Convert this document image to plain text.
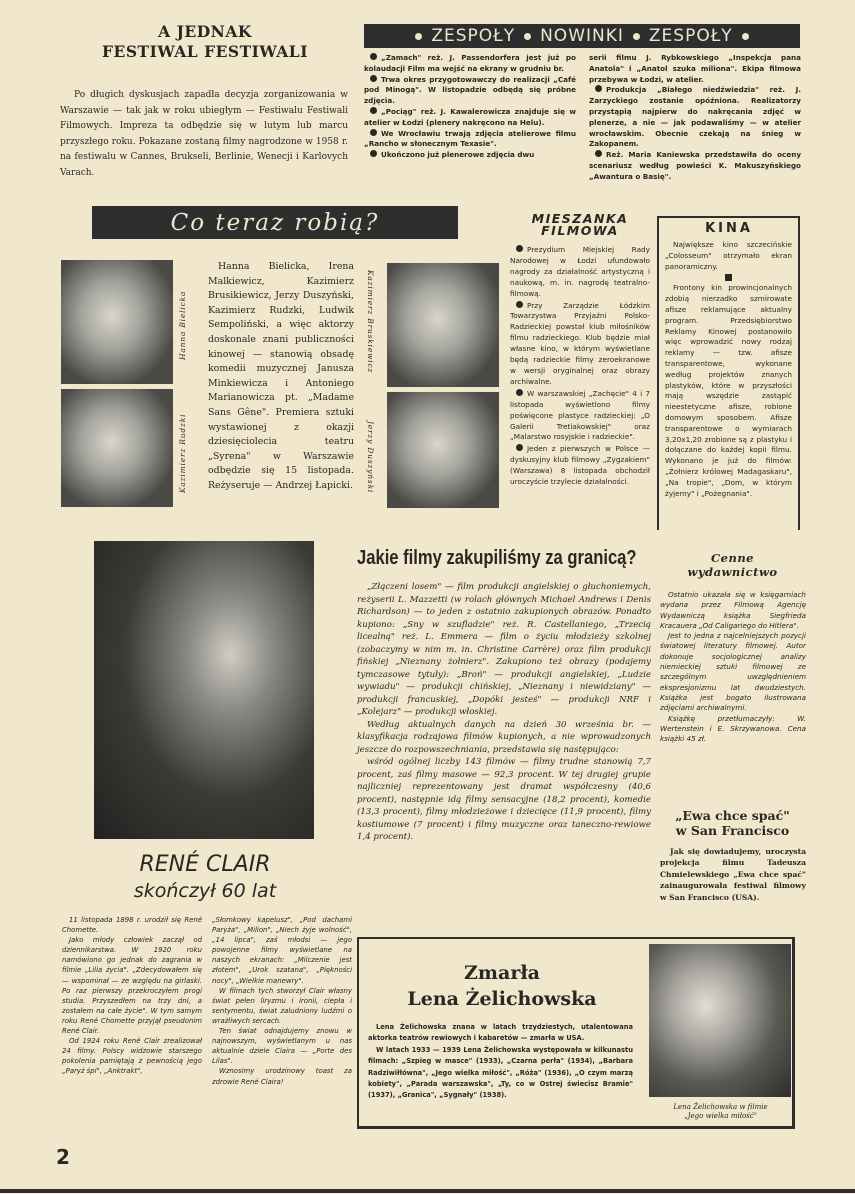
A JEDNAK
FESTIWAL FESTIWALI

Po długich dyskusjach zapadła decyzja zorganizowania w Warszawie — tak jak w roku ubiegłym — Festiwalu Festiwali Filmowych. Impreza ta odbędzie się w lutym lub marcu przyszłego roku. Pokazane zostaną filmy nagrodzone w 1958 r. na festiwalu w Cannes, Brukseli, Berlinie, Wenecji i Karlovych Varach.

ZESPOŁY NOWINKI ZESPOŁY

„Zamach" reż. J. Passendorfera jest już po kolaudacji Film ma wejść na ekrany w grudniu br.

Trwa okres przygotowawczy do realizacji „Café pod Minogą". W listopadzie odbędą się próbne zdjęcia.

„Pociąg" reż. J. Kawalerowicza znajduje się w atelier w Łodzi (plenery nakręcono na Helu).

We Wrocławiu trwają zdjęcia atelierowe filmu „Rancho w słonecznym Texasie".

Ukończono już plenerowe zdjęcia dwu

serii filmu J. Rybkowskiego „Inspekcja pana Anatola" i „Anatol szuka miliona". Ekipa filmowa przebywa w Łodzi, w atelier.

Produkcja „Białego niedźwiedzia" reż. J. Zarzyckiego zostanie opóźniona. Realizatorzy przystąpią najpierw do nakręcania zdjęć w plenerze, a nie — jak podawaliśmy — w atelier wrocławskim. Obecnie czekają na śnieg w Zakopanem.

Reż. Maria Kaniewska przedstawiła do oceny scenariusz według powieści K. Makuszyńskiego „Awantura o Basię".

Co teraz robią?
Hanna Bielicka
Kazimierz Rudzki

Hanna Bielicka, Irena Malkiewicz, Kazimierz Brusikiewicz, Jerzy Duszyński, Kazimierz Rudzki, Ludwik Sempoliński, a więc aktorzy doskonale znani publiczności kinowej — stanowią obsadę komedii muzycznej Janusza Minkiewicza i Antoniego Marianowicza pt. „Madame Sans Gêne". Premiera sztuki wystawionej z okazji dziesięciolecia teatru „Syrena" w Warszawie odbędzie się 15 listopada. Reżyseruje — Andrzej Łapicki.

Kazimierz Bruskiewicz
Jerzy Duszyński
MIESZANKA
FILMOWA

Prezydium Miejskiej Rady Narodowej w Łodzi ufundowało nagrody za działalność artystyczną i naukową, m. in. nagrodę teatralno-filmową.

Przy Zarządzie Łódzkim Towarzystwa Przyjaźni Polsko-Radzieckiej powstał klub miłośników filmu radzieckiego. Klub będzie miał własne kino, w którym wyświetlane będą radzieckie filmy zeroekranowe w wersji oryginalnej oraz obrazy archiwalne.

W warszawskiej „Zachęcie" 4 i 7 listopada wyświetlono filmy poświęcone plastyce radzieckiej: „O Galerii Tretiakowskiej" oraz „Malarstwo rosyjskie i radzieckie".

Jeden z pierwszych w Polsce — dyskusyjny klub filmowy „Zygzakiem" (Warszawa) 8 listopada obchodził uroczyście trzylecie działalności.

KINA

Największe kino szczecińskie „Colosseum" otrzymało ekran panoramiczny.

Frontony kin prowincjonalnych zdobią nierzadko szmirowate afisze reklamujące aktualny program. Przedsiębiorstwo Reklamy Kinowej postanowiło więc wprowadzić nowy rodzaj reklamy — tzw. afisze transparentowe, wykonane według projektów znanych plastyków, które w przyszłości mają wszędzie zastąpić nieestetyczne afisze, robione domowym sposobem. Afisze transparentowe o wymiarach 3,20x1,20 zrobione są z plastyku i dołączane do każdej kopii filmu. Wykonano je już do filmów: „Żołnierz królowej Madagaskaru", „Na tropie", „Dom, w którym żyjemy" i „Pożegnania".

Jakie filmy zakupiliśmy za granicą?

„Złączeni losem" — film produkcji angielskiej o głuchoniemych, reżyserii L. Mazzetti (w rolach głównych Michael Andrews i Denis Richardson) — to jeden z ostatnio zakupionych obrazów. Ponadto kupiono: „Sny w szufladzie" reż. R. Castellaniego, „Trzecią licealną" reż. L. Emmera — film o życiu młodzieży szkolnej (zobaczymy w nim m. in. Christine Carrère) oraz film produkcji fińskiej „Nieznany żołnierz". Zakupiono też obrazy (podajemy tymczasowe tytuły): „Broń" — produkcji angielskiej, „Ludzie wywiadu" — produkcji chińskiej, „Nieznany i niewidziany" — produkcji francuskiej, „Dopóki jesteś" — produkcji NRF i „Kolejarz" — produkcji włoskiej.

Według aktualnych danych na dzień 30 września br. — klasyfikacja rodzajowa filmów kupionych, a nie wprowadzonych jeszcze do rozpowszechniania, przedstawia się następująco:

wśród ogólnej liczby 143 filmów — filmy trudne stanowią 7,7 procent, zaś filmy masowe — 92,3 procent. W tej drugiej grupie najliczniej reprezentowany jest dramat współczesny (40,6 procent), następnie idą filmy sensacyjne (18,2 procent), komedie (13,3 procent), filmy młodzieżowe i dziecięce (11,9 procent), filmy kostiumowe (7 procent) i filmy muzyczne oraz taneczno-rewiowe 1,4 procent).

Cenne
wydawnictwo

Ostatnio ukazała się w księgarniach wydana przez Filmową Agencję Wydawniczą książka Siegfrieda Kracauera „Od Caligariego do Hitlera".

Jest to jedna z najcelniejszych pozycji światowej literatury filmowej. Autor dokonuje socjologicznej analizy niemieckiej sztuki filmowej ze szczególnym uwzględnieniem ekspresjonizmu lat dwudziestych. Książka jest bogato ilustrowana zdjęciami archiwalnymi.

Książkę przetłumaczyły: W. Wertenstein i E. Skrzywanowa. Cena książki 45 zł.

„Ewa chce spać"
w San Francisco

Jak się dowiadujemy, uroczysta projekcja filmu Tadeusza Chmielewskiego „Ewa chce spać" zainaugurowała festiwal filmowy w San Francisco (USA).

RENÉ CLAIR
skończył 60 lat

11 listopada 1898 r. urodził się René Chomette.

Jako młody człowiek zaczął od dziennikarstwa. W 1920 roku namówiono go jednak do zagrania w filmie „Lilia życia". „Zdecydowałem się — wspominał — ze względu na girlaski. Po raz pierwszy przekroczyłem progi studia. Przyszedłem na trzy dni, a zostałem na całe życie". W tym samym roku René Chomette przyjął pseudonim René Clair.

Od 1924 roku René Clair zrealizował 24 filmy. Polscy widzowie starszego pokolenia pamiętają z pewnością jego „Paryż śpi", „Anktrakt",

„Słomkowy kapelusz", „Pod dachami Paryża", „Milion", „Niech żyje wolność", „14 lipca", zaś młodsi — jego powojenne filmy wyświetlane na naszych ekranach: „Milczenie jest złotem", „Urok szatana", „Piękności nocy", „Wielkie manewry".

W filmach tych stworzył Clair własny świat pełen liryzmu i ironii, ciepła i sentymentu, świat zaludniony ludźmi o wrażliwych sercach.

Ten świat odnajdujemy znowu w najnowszym, wyświetlanym u nas aktualnie dziele Claira — „Porte des Lilas".

Wznosimy urodzinowy toast za zdrowie René Claira!

Zmarła
Lena Żelichowska

Lena Żelichowska znana w latach trzydziestych, utalentowana aktorka teatrów rewiowych i kabaretów — zmarła w USA.

W latach 1933 — 1939 Lena Żelichowska występowała w kilkunastu filmach: „Szpieg w masce" (1933), „Czarna perła" (1934), „Barbara Radziwiłłówna", „Jego wielka miłość", „Róża" (1936), „O czym marzą kobiety", „Parada warszawska", „Ty, co w Ostrej świecisz Bramie" (1937), „Granica", „Sygnały" (1938).

Lena Żelichowska w filmie
„Jego wielka miłość"
2
